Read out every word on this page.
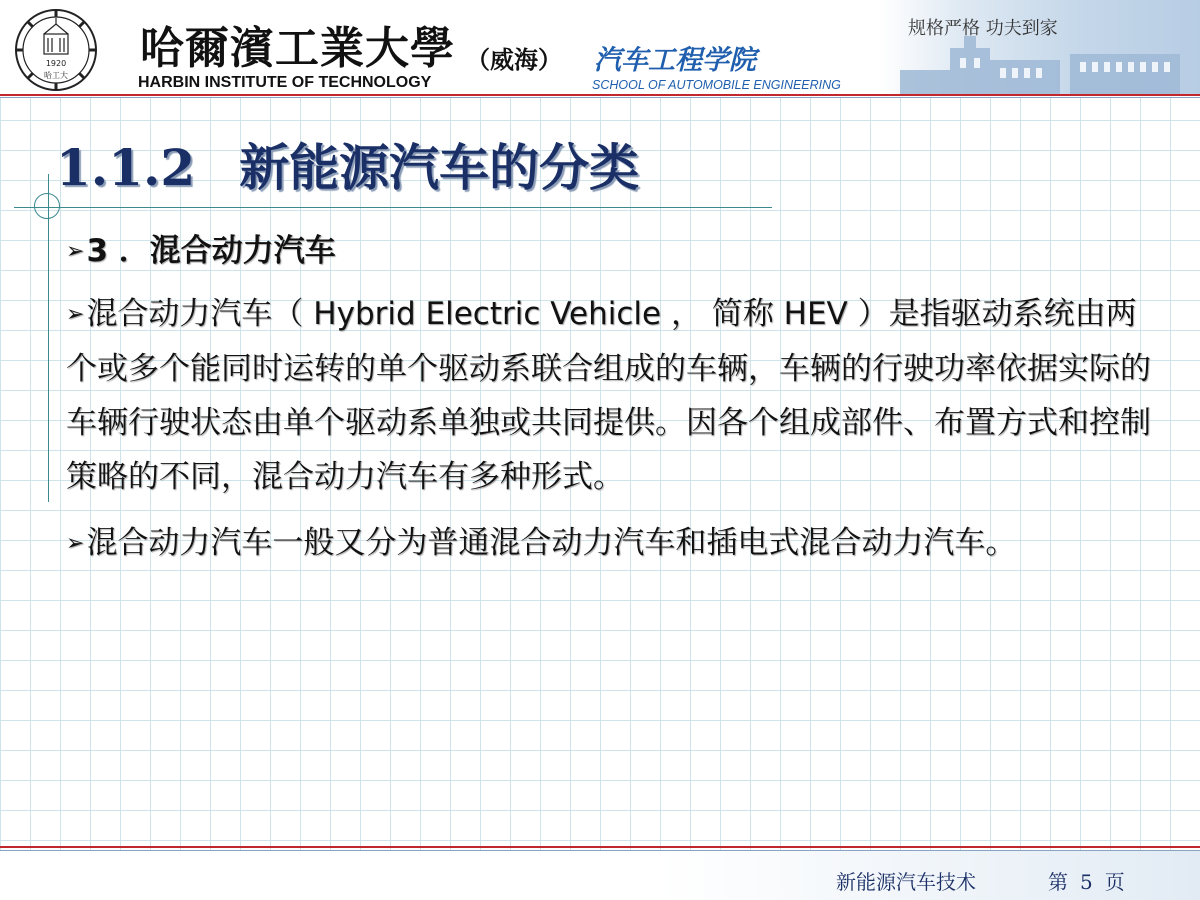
1920
哈工大
哈爾濱工業大學 （威海） 汽车工程学院
HARBIN INSTITUTE OF TECHNOLOGY	SCHOOL OF AUTOMOBILE ENGINEERING
规格严格 功夫到家
1.1.2 新能源汽车的分类

➢3 ．混合动力汽车

➢混合动力汽车（ Hybrid Electric Vehicle ， 简称 HEV ）是指驱动系统由两个或多个能同时运转的单个驱动系联合组成的车辆，车辆的行驶功率依据实际的车辆行驶状态由单个驱动系单独或共同提供。因各个组成部件、布置方式和控制策略的不同，混合动力汽车有多种形式。

➢混合动力汽车一般又分为普通混合动力汽车和插电式混合动力汽车。

新能源汽车技术	第 5 页
